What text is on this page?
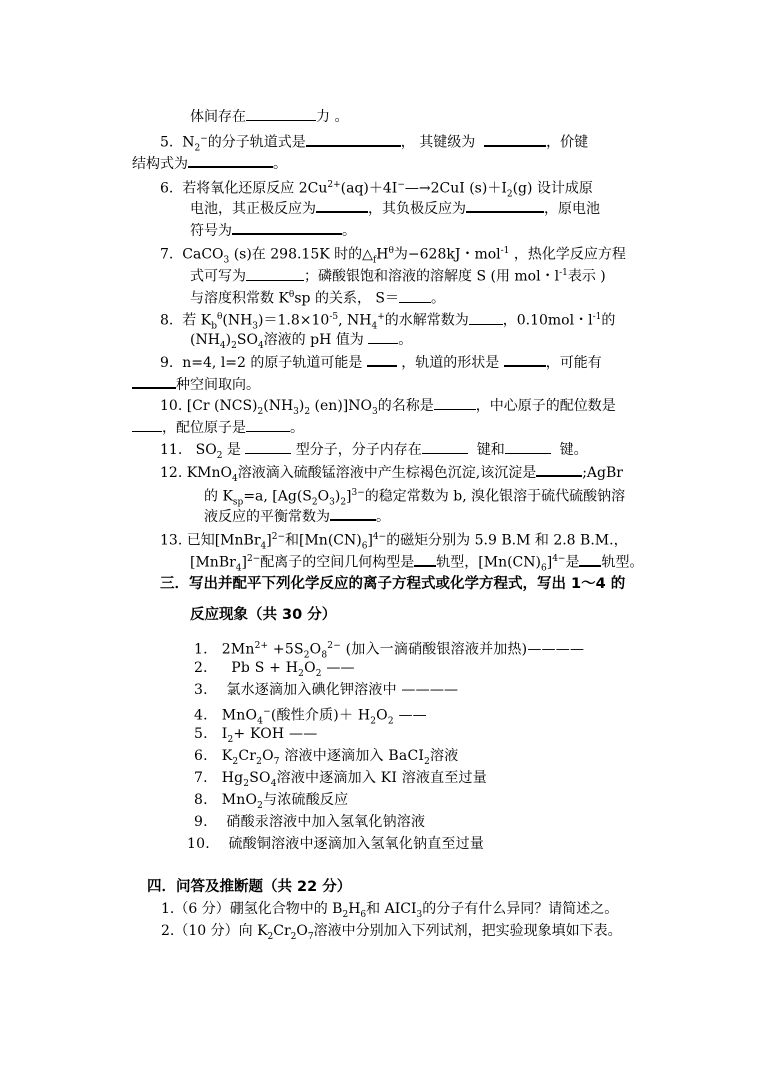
体间存在	力 。
5. $N_2^-$的分子轨道式是	， 其键级为	，价键
结构式为	。
6. 若将氧化还原反应 $2Cu^{2+}(aq)+4I^-—\to 2CuI$ $(s)+I_2(g)$ 设计成原
电池，其正极反应为	，其负极反应为	，原电池
符号为	。
7. CaCO$_3$ (s)在 298.15K 时的$\triangle_fH^\theta$为−628kJ・mol$^{-1}$ ，热化学反应方程
式可写为	；磷酸银饱和溶液的溶解度 S (用 mol・$l^{-1}$表示 )
与溶度积常数 $K^\theta sp$ 的关系， S＝ 。
8. 若 $K_b^\theta(NH_3)=1.8\times 10^{-5}$, $NH_4^+$的水解常数为 ，0.10mol・$l^{-1}$的
$(NH_4)_2SO_4$溶液的 pH 值为 。
9. n=4, l=2 的原子轨道可能是	，轨道的形状是	，可能有
种空间取向。
10. [Cr $(NCS)_2(NH_3)_2$ $(en)]NO_3$的名称是	，中心原子的配位数是
，配位原子是	。
11. $SO_2$ 是	型分子，分子内存在	键和	键。
12. KMnO$_4$溶液滴入硫酸锰溶液中产生棕褐色沉淀,该沉淀是	;AgBr
的 $K_{sp}=a$, $[Ag(S_2O_3)_2]^{3-}$的稳定常数为 b, 溴化银溶于硫代硫酸钠溶
液反应的平衡常数为	。
13. 已知[MnBr$_4$]$^{2-}$和$[Mn(CN)_6]^{4-}$的磁矩分别为 5.9 B.M 和 2.8 B.M.，
[MnBr$_4$]$^{2-}$配离子的空间几何构型是 轨型，$[Mn(CN)_6]^{4-}$是 轨型。
三．写出并配平下列化学反应的离子方程式或化学方程式，写出 1～4 的
反应现象（共 30 分）
1. $2Mn^{2+} +5S_2O_8^{2-}$ (加入一滴硝酸银溶液并加热)————
2． Pb $S + H_2O_2$ ——
3. 氯水逐滴加入碘化钾溶液中 ————
4. MnO$_4$−(酸性介质)＋ $H_2O_2$ ——
5. $I_2+$ KOH ——
6. $K_2Cr_2O_7$ 溶液中逐滴加入 BaCI$_2$溶液
7. $Hg_2SO_4$溶液中逐滴加入 KI 溶液直至过量
8. MnO$_2$与浓硫酸反应
9. 硝酸汞溶液中加入氢氧化钠溶液
10. 硫酸铜溶液中逐滴加入氢氧化钠直至过量
四．问答及推断题（共 22 分）
1.（6 分）硼氢化合物中的 $B_2H_6$和 $AICI_3$的分子有什么异同？请简述之。
2.（10 分）向 $K_2Cr_2O_7$溶液中分别加入下列试剂，把实验现象填如下表。
